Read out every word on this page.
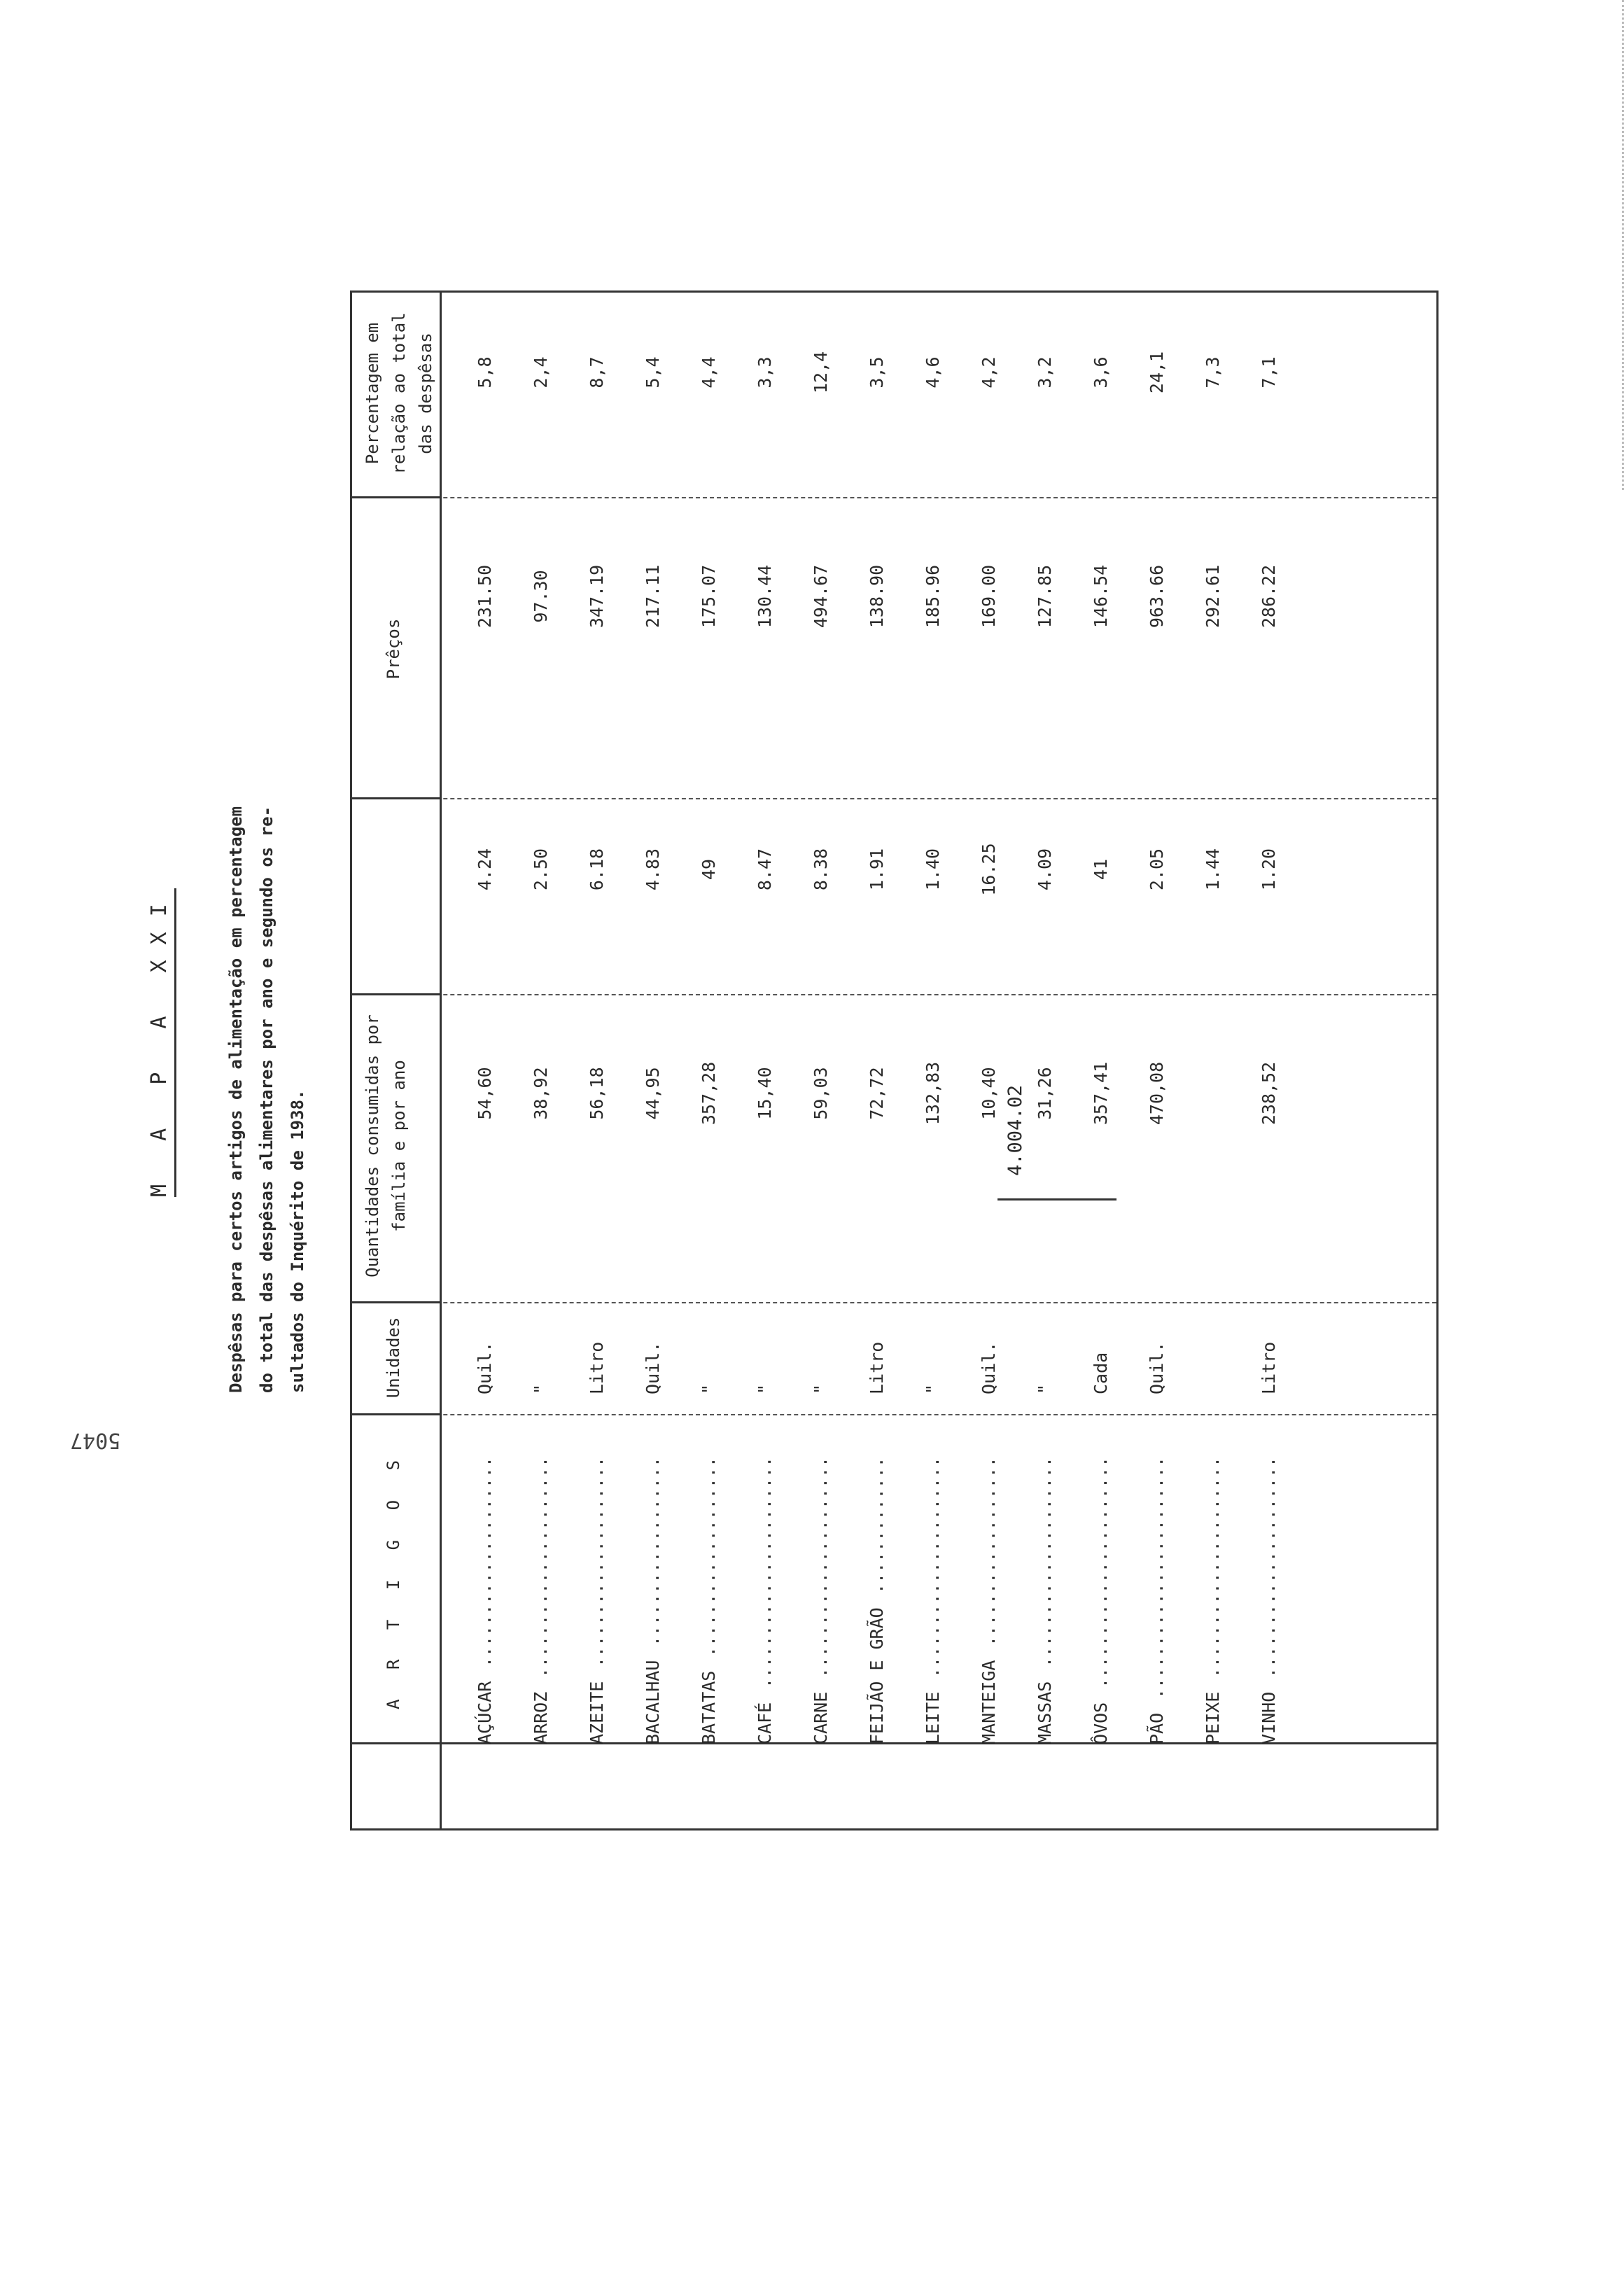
M A P A XXI	Despêsas para certos artigos de alimentação em percentagem do total das despêsas alimentares por ano e segundo os re- sultados do Inquérito de 1938.
A R T I G O S
Unidades
Quantidades consumidas por família e por ano
Prêços
Percentagem em relação ao total das despêsas
AÇÚCAR
Quil.
54,60
4.24
231.50
5,8
....................
ARROZ
"
38,92
2.50
97.30
2,4
.....................
AZEITE
Litro
56,18
6.18
347.19
8,7
....................
BACALHAU
Quil.
44,95
4.83
217.11
5,4
..................
BATATAS
"
357,28
49
175.07
4,4
...................
CAFÉ
"
15,40
8.47
130.44
3,3
......................
CARNE
"
59,03
8.38
494.67
12,4
..................... FEIJÃO E GRÃO
Litro
72,72
1.91
138.90
3,5
.............
LEITE
"
132,83
1.40
185.96
4,6
.....................
MANTEIGA
Quil.
10,40
16.25
169.00
4,2
..................
MASSAS
"
31,26
4.09
127.85
3,2
....................
ÔVOS
Cada
357,41
41
146.54
3,6
......................
PÃO
Quil.
470,08
2.05
963.66
24,1
.......................
PEIXE
1.44
292.61
7,3
.....................
VINHO
Litro
238,52
1.20
286.22
7,1
.....................
4.004.02
5047
